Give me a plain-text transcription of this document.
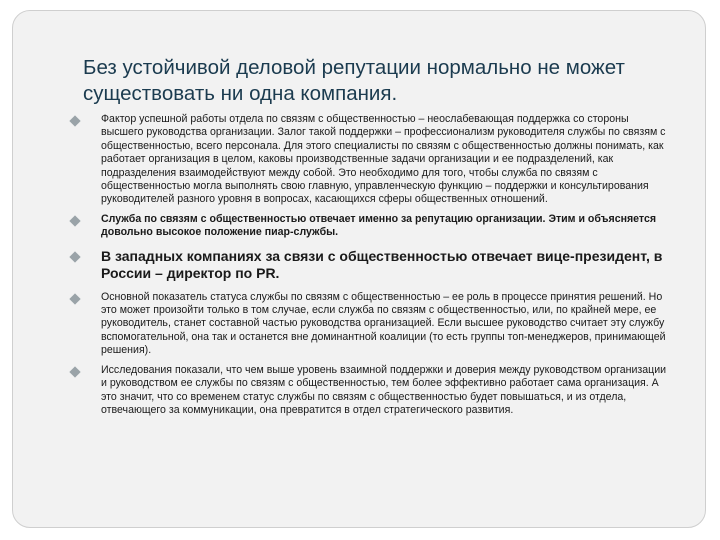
Без устойчивой деловой репутации нормально не может существовать ни одна компания.
Фактор успешной работы отдела по связям с общественностью – неослабевающая поддержка со стороны высшего руководства организации. Залог такой поддержки – профессионализм руководителя службы по связям с общественностью, всего персонала. Для этого специалисты по связям с общественностью должны понимать, как работает организация в целом, каковы производственные задачи организации и ее подразделений, как подразделения взаимодействуют между собой. Это необходимо для того, чтобы служба по связям с общественностью могла выполнять свою главную, управленческую функцию – поддержки и консультирования руководителей разного уровня в вопросах, касающихся сферы общественных отношений.
Служба по связям с общественностью отвечает именно за репутацию организации. Этим и объясняется довольно высокое положение пиар-службы.
В западных компаниях за связи с общественностью отвечает вице-президент, в России – директор по PR.
Основной показатель статуса службы по связям с общественностью – ее роль в процессе принятия решений. Но это может произойти только в том случае, если служба по связям с общественностью, или, по крайней мере, ее руководитель, станет составной частью руководства организацией. Если высшее руководство считает эту службу вспомогательной, она так и останется вне доминантной коалиции (то есть группы топ-менеджеров, принимающей решения).
Исследования показали, что чем выше уровень взаимной поддержки и доверия между руководством организации и руководством ее службы по связям с общественностью, тем более эффективно работает сама организация. А это значит, что со временем статус службы по связям с общественностью будет повышаться, и из отдела, отвечающего за коммуникации, она превратится в отдел стратегического развития.
